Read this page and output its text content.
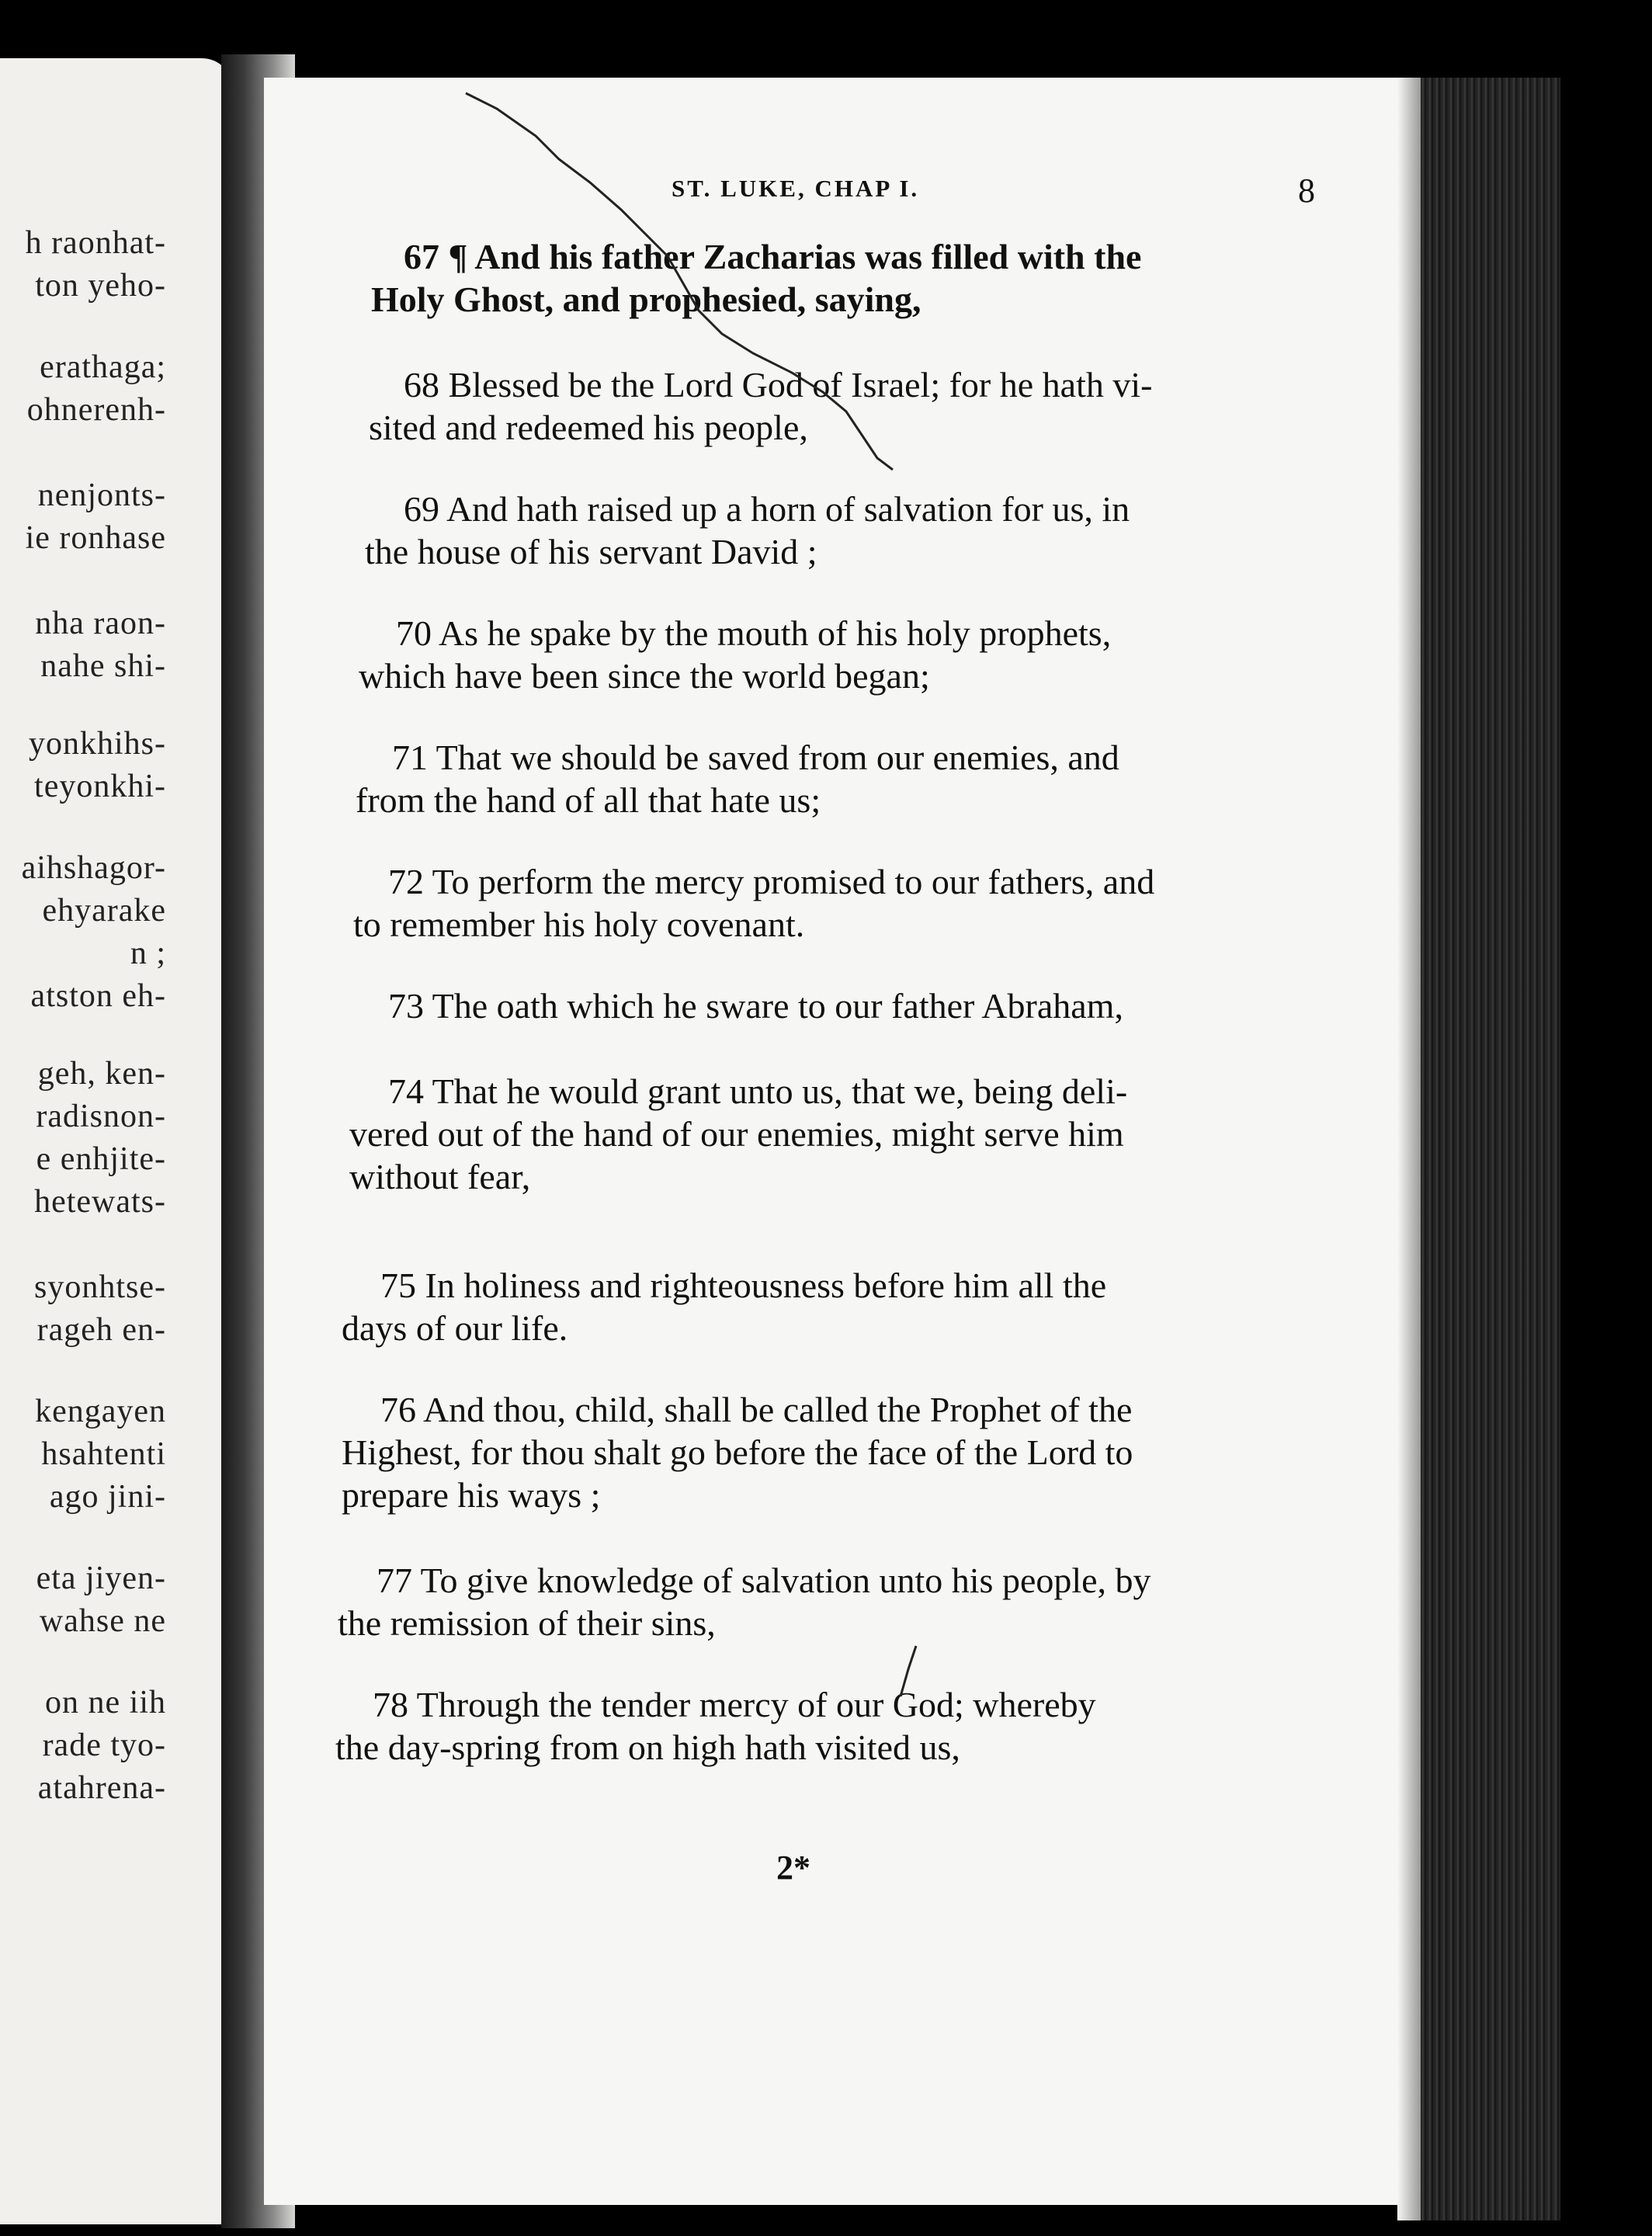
h raonhat-
ton yeho-
erathaga;
ohnerenh-
nenjonts-
ie ronhase
nha raon-
nahe shi-
yonkhihs-
teyonkhi-
aihshagor-
ehyarake
n ;
atston eh-
geh, ken-
radisnon-
e enhjite-
hetewats-
syonhtse-
rageh en-
kengayen
hsahtenti
ago jini-
eta jiyen-
wahse ne
on ne iih
rade tyo-
atahrena-
ST. LUKE, CHAP I.	8
67 ¶ And his father Zacharias was filled with the
Holy Ghost, and prophesied, saying,
68 Blessed be the Lord God of Israel; for he hath vi-
sited and redeemed his people,
69 And hath raised up a horn of salvation for us, in
the house of his servant David ;
70 As he spake by the mouth of his holy prophets,
which have been since the world began;
71 That we should be saved from our enemies, and
from the hand of all that hate us;
72 To perform the mercy promised to our fathers, and
to remember his holy covenant.
73 The oath which he sware to our father Abraham,
74 That he would grant unto us, that we, being deli-
vered out of the hand of our enemies, might serve him
without fear,
75 In holiness and righteousness before him all the
days of our life.
76 And thou, child, shall be called the Prophet of the
Highest, for thou shalt go before the face of the Lord to
prepare his ways ;
77 To give knowledge of salvation unto his people, by
the remission of their sins,
78 Through the tender mercy of our God; whereby
the day-spring from on high hath visited us,
2*
